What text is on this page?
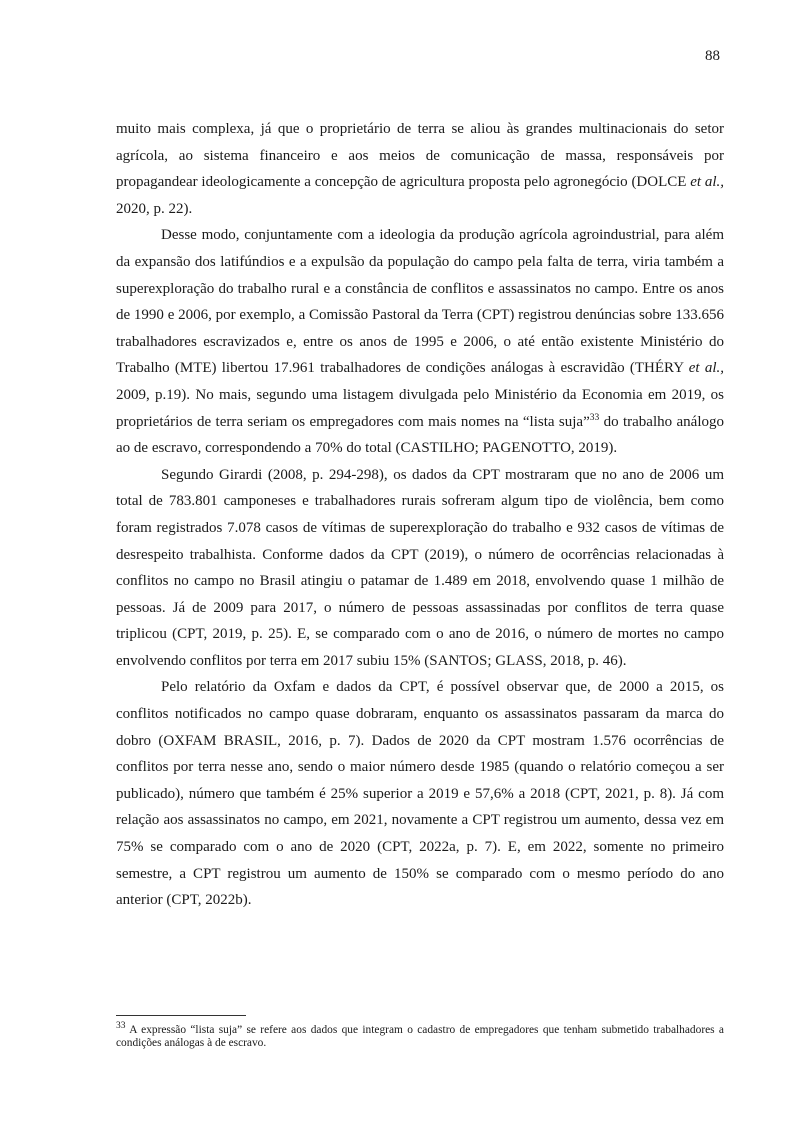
88

muito mais complexa, já que o proprietário de terra se aliou às grandes multinacionais do setor agrícola, ao sistema financeiro e aos meios de comunicação de massa, responsáveis por propagandear ideologicamente a concepção de agricultura proposta pelo agronegócio (DOLCE et al., 2020, p. 22).

Desse modo, conjuntamente com a ideologia da produção agrícola agroindustrial, para além da expansão dos latifúndios e a expulsão da população do campo pela falta de terra, viria também a superexploração do trabalho rural e a constância de conflitos e assassinatos no campo. Entre os anos de 1990 e 2006, por exemplo, a Comissão Pastoral da Terra (CPT) registrou denúncias sobre 133.656 trabalhadores escravizados e, entre os anos de 1995 e 2006, o até então existente Ministério do Trabalho (MTE) libertou 17.961 trabalhadores de condições análogas à escravidão (THÉRY et al., 2009, p.19). No mais, segundo uma listagem divulgada pelo Ministério da Economia em 2019, os proprietários de terra seriam os empregadores com mais nomes na “lista suja”$^{33}$ do trabalho análogo ao de escravo, correspondendo a 70% do total (CASTILHO; PAGENOTTO, 2019).

Segundo Girardi (2008, p. 294-298), os dados da CPT mostraram que no ano de 2006 um total de 783.801 camponeses e trabalhadores rurais sofreram algum tipo de violência, bem como foram registrados 7.078 casos de vítimas de superexploração do trabalho e 932 casos de vítimas de desrespeito trabalhista. Conforme dados da CPT (2019), o número de ocorrências relacionadas à conflitos no campo no Brasil atingiu o patamar de 1.489 em 2018, envolvendo quase 1 milhão de pessoas. Já de 2009 para 2017, o número de pessoas assassinadas por conflitos de terra quase triplicou (CPT, 2019, p. 25). E, se comparado com o ano de 2016, o número de mortes no campo envolvendo conflitos por terra em 2017 subiu 15% (SANTOS; GLASS, 2018, p. 46).

Pelo relatório da Oxfam e dados da CPT, é possível observar que, de 2000 a 2015, os conflitos notificados no campo quase dobraram, enquanto os assassinatos passaram da marca do dobro (OXFAM BRASIL, 2016, p. 7). Dados de 2020 da CPT mostram 1.576 ocorrências de conflitos por terra nesse ano, sendo o maior número desde 1985 (quando o relatório começou a ser publicado), número que também é 25% superior a 2019 e 57,6% a 2018 (CPT, 2021, p. 8). Já com relação aos assassinatos no campo, em 2021, novamente a CPT registrou um aumento, dessa vez em 75% se comparado com o ano de 2020 (CPT, 2022a, p. 7). E, em 2022, somente no primeiro semestre, a CPT registrou um aumento de 150% se comparado com o mesmo período do ano anterior (CPT, 2022b).

$^{33}$ A expressão “lista suja” se refere aos dados que integram o cadastro de empregadores que tenham submetido trabalhadores a condições análogas à de escravo.
